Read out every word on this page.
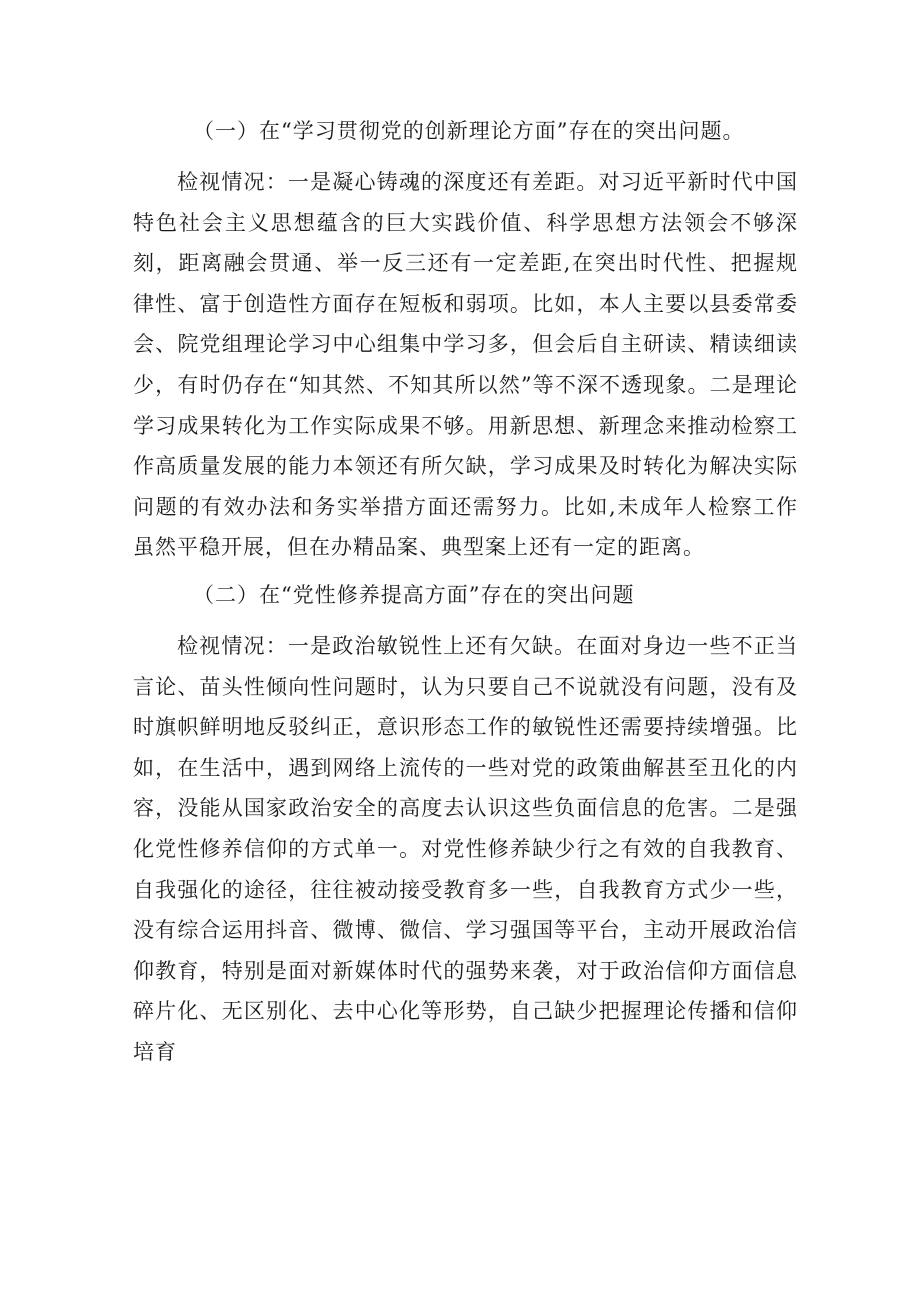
（一）在“学习贯彻党的创新理论方面”存在的突出问题。

检视情况：一是凝心铸魂的深度还有差距。对习近平新时代中国特色社会主义思想蕴含的巨大实践价值、科学思想方法领会不够深刻，距离融会贯通、举一反三还有一定差距,在突出时代性、把握规律性、富于创造性方面存在短板和弱项。比如，本人主要以县委常委会、院党组理论学习中心组集中学习多，但会后自主研读、精读细读少，有时仍存在“知其然、不知其所以然”等不深不透现象。二是理论学习成果转化为工作实际成果不够。用新思想、新理念来推动检察工作高质量发展的能力本领还有所欠缺，学习成果及时转化为解决实际问题的有效办法和务实举措方面还需努力。比如,未成年人检察工作虽然平稳开展，但在办精品案、典型案上还有一定的距离。

（二）在“党性修养提高方面”存在的突出问题

检视情况：一是政治敏锐性上还有欠缺。在面对身边一些不正当言论、苗头性倾向性问题时，认为只要自己不说就没有问题，没有及时旗帜鲜明地反驳纠正，意识形态工作的敏锐性还需要持续增强。比如，在生活中，遇到网络上流传的一些对党的政策曲解甚至丑化的内容，没能从国家政治安全的高度去认识这些负面信息的危害。二是强化党性修养信仰的方式单一。对党性修养缺少行之有效的自我教育、自我强化的途径，往往被动接受教育多一些，自我教育方式少一些，没有综合运用抖音、微博、微信、学习强国等平台，主动开展政治信仰教育，特别是面对新媒体时代的强势来袭，对于政治信仰方面信息碎片化、无区别化、去中心化等形势，自己缺少把握理论传播和信仰培育
